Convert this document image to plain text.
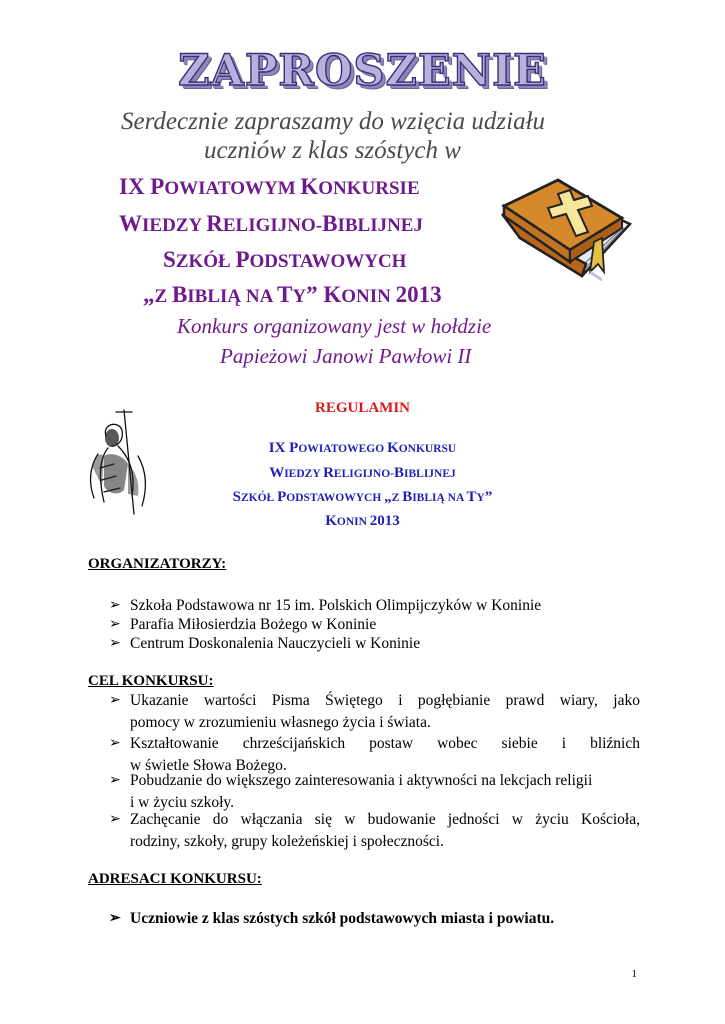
ZAPROSZENIE
Serdecznie zapraszamy do wzięcia udziału
uczniów z klas szóstych w
IX POWIATOWYM KONKURSIE
WIEDZY RELIGIJNO-BIBLIJNEJ
SZKÓŁ PODSTAWOWYCH
„Z BIBLIĄ NA TY” KONIN 2013
Konkurs organizowany jest w hołdzie
Papieżowi Janowi Pawłowi II
REGULAMIN
IX POWIATOWEGO KONKURSU
WIEDZY RELIGIJNO-BIBLIJNEJ
SZKÓŁ PODSTAWOWYCH „Z BIBLIĄ NA TY”
KONIN 2013
ORGANIZATORZY:
➢ Szkoła Podstawowa nr 15 im. Polskich Olimpijczyków w Koninie
➢ Parafia Miłosierdzia Bożego w Koninie
➢ Centrum Doskonalenia Nauczycieli w Koninie
CEL KONKURSU:
➢ Ukazanie wartości Pisma Świętego i pogłębianie prawd wiary, jako
pomocy w zrozumieniu własnego życia i świata.
➢ Kształtowanie chrześcijańskich postaw wobec siebie i bliźnich
w świetle Słowa Bożego.
➢ Pobudzanie do większego zainteresowania i aktywności na lekcjach religii
i w życiu szkoły.
➢ Zachęcanie do włączania się w budowanie jedności w życiu Kościoła,
rodziny, szkoły, grupy koleżeńskiej i społeczności.
ADRESACI KONKURSU:
➢ Uczniowie z klas szóstych szkół podstawowych miasta i powiatu.
1
